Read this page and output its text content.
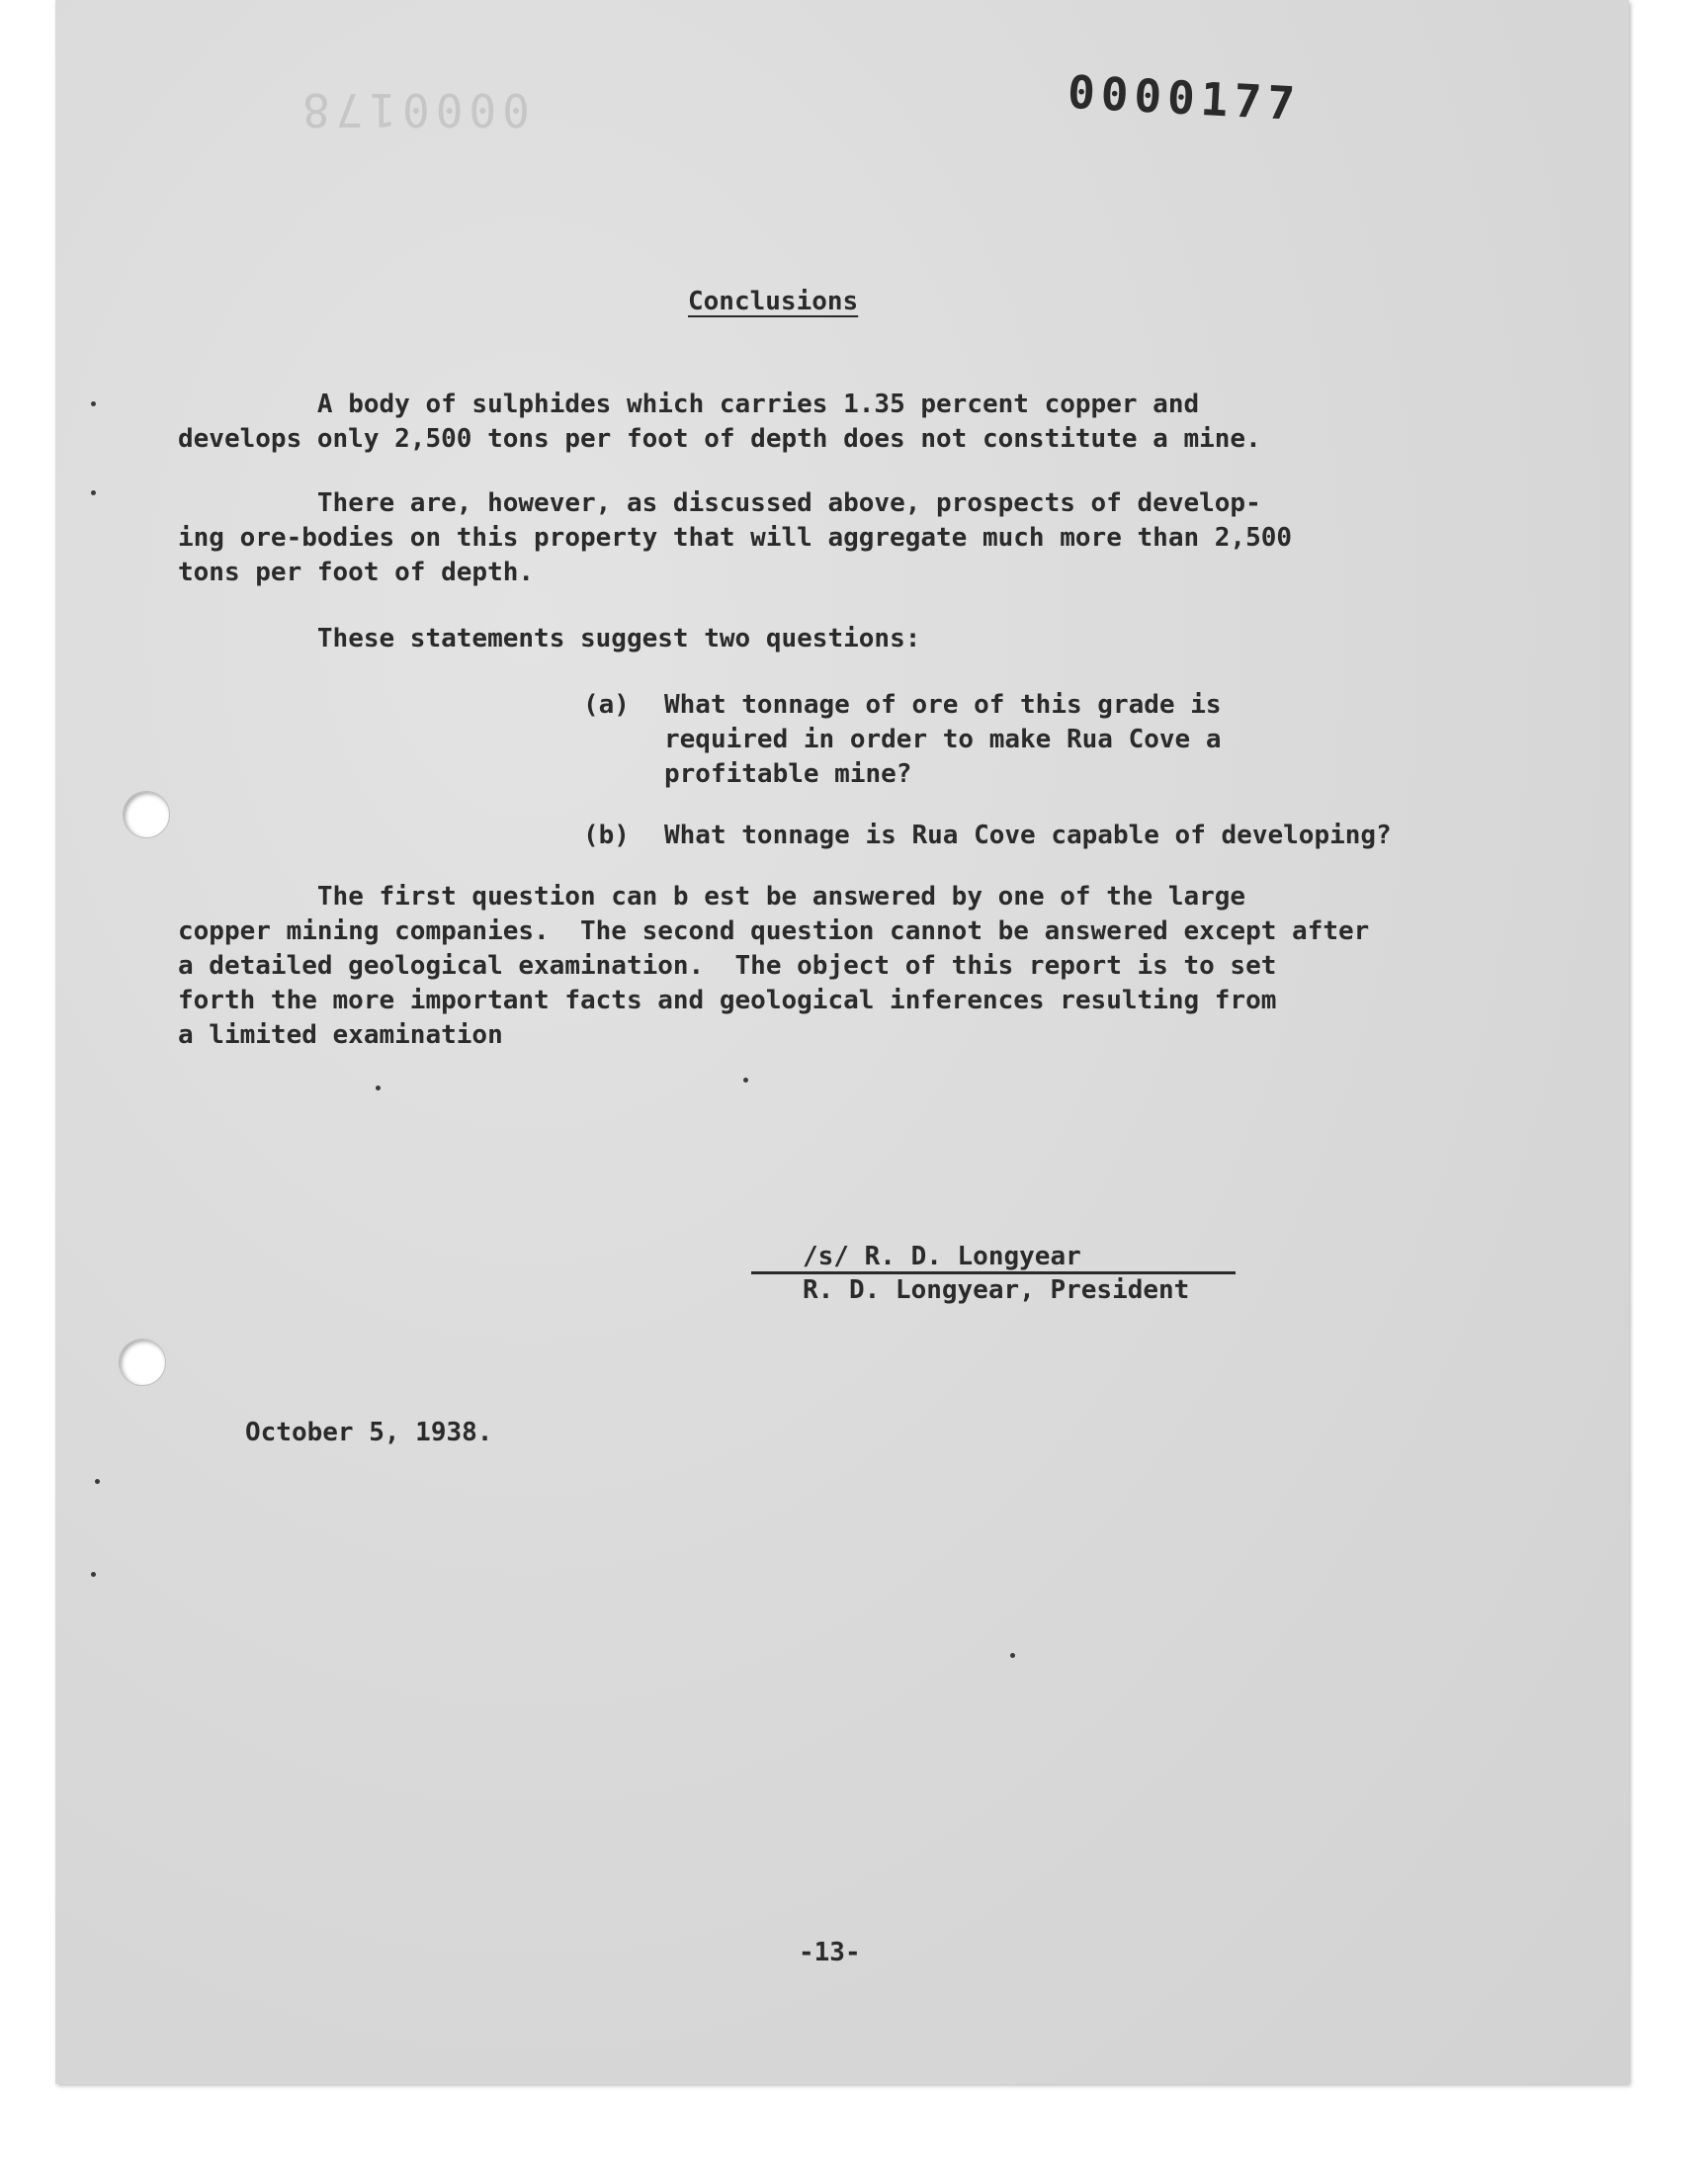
0000178	0000177
Conclusions

A body of sulphides which carries 1.35 percent copper and
develops only 2,500 tons per foot of depth does not constitute a mine.

There are, however, as discussed above, prospects of develop-
ing ore-bodies on this property that will aggregate much more than 2,500
tons per foot of depth.

These statements suggest two questions:

(a) What tonnage of ore of this grade is
required in order to make Rua Cove a
profitable mine?

(b) What tonnage is Rua Cove capable of developing?

The first question can b est be answered by one of the large
copper mining companies.  The second question cannot be answered except after
a detailed geological examination.  The object of this report is to set
forth the more important facts and geological inferences resulting from
a limited examination

/s/ R. D. Longyear
R. D. Longyear, President
October 5, 1938.
-13-
